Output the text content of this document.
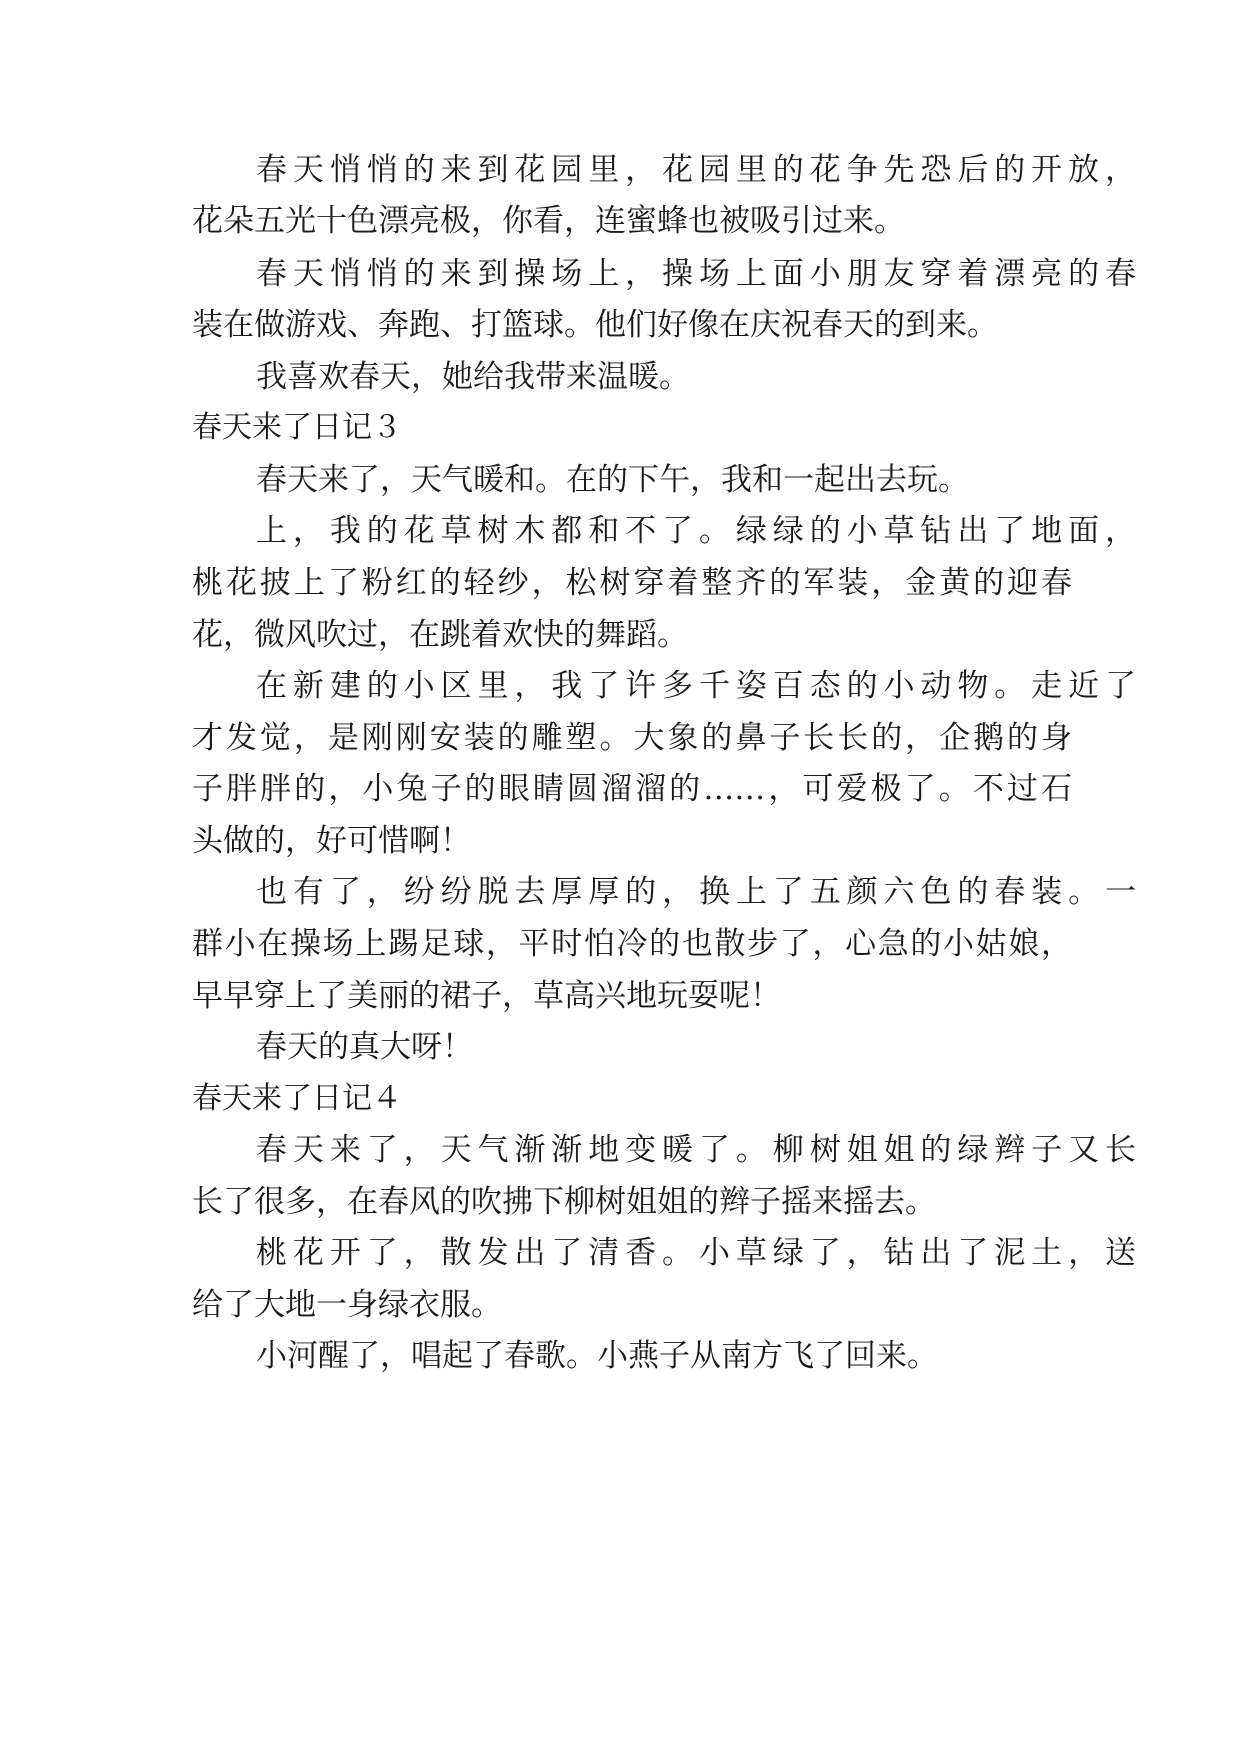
春天悄悄的来到花园里，花园里的花争先恐后的开放，

花朵五光十色漂亮极，你看，连蜜蜂也被吸引过来。

春天悄悄的来到操场上，操场上面小朋友穿着漂亮的春

装在做游戏、奔跑、打篮球。他们好像在庆祝春天的到来。

我喜欢春天，她给我带来温暖。

春天来了日记３

春天来了，天气暖和。在的下午，我和一起出去玩。

上，我的花草树木都和不了。绿绿的小草钻出了地面，

桃花披上了粉红的轻纱，松树穿着整齐的军装，金黄的迎春

花，微风吹过，在跳着欢快的舞蹈。

在新建的小区里，我了许多千姿百态的小动物。走近了

才发觉，是刚刚安装的雕塑。大象的鼻子长长的，企鹅的身

子胖胖的，小兔子的眼睛圆溜溜的……，可爱极了。不过石

头做的，好可惜啊！

也有了，纷纷脱去厚厚的，换上了五颜六色的春装。一

群小在操场上踢足球，平时怕冷的也散步了，心急的小姑娘，

早早穿上了美丽的裙子，草高兴地玩耍呢！

春天的真大呀！

春天来了日记４

春天来了，天气渐渐地变暖了。柳树姐姐的绿辫子又长

长了很多，在春风的吹拂下柳树姐姐的辫子摇来摇去。

桃花开了，散发出了清香。小草绿了，钻出了泥土，送

给了大地一身绿衣服。

小河醒了，唱起了春歌。小燕子从南方飞了回来。
